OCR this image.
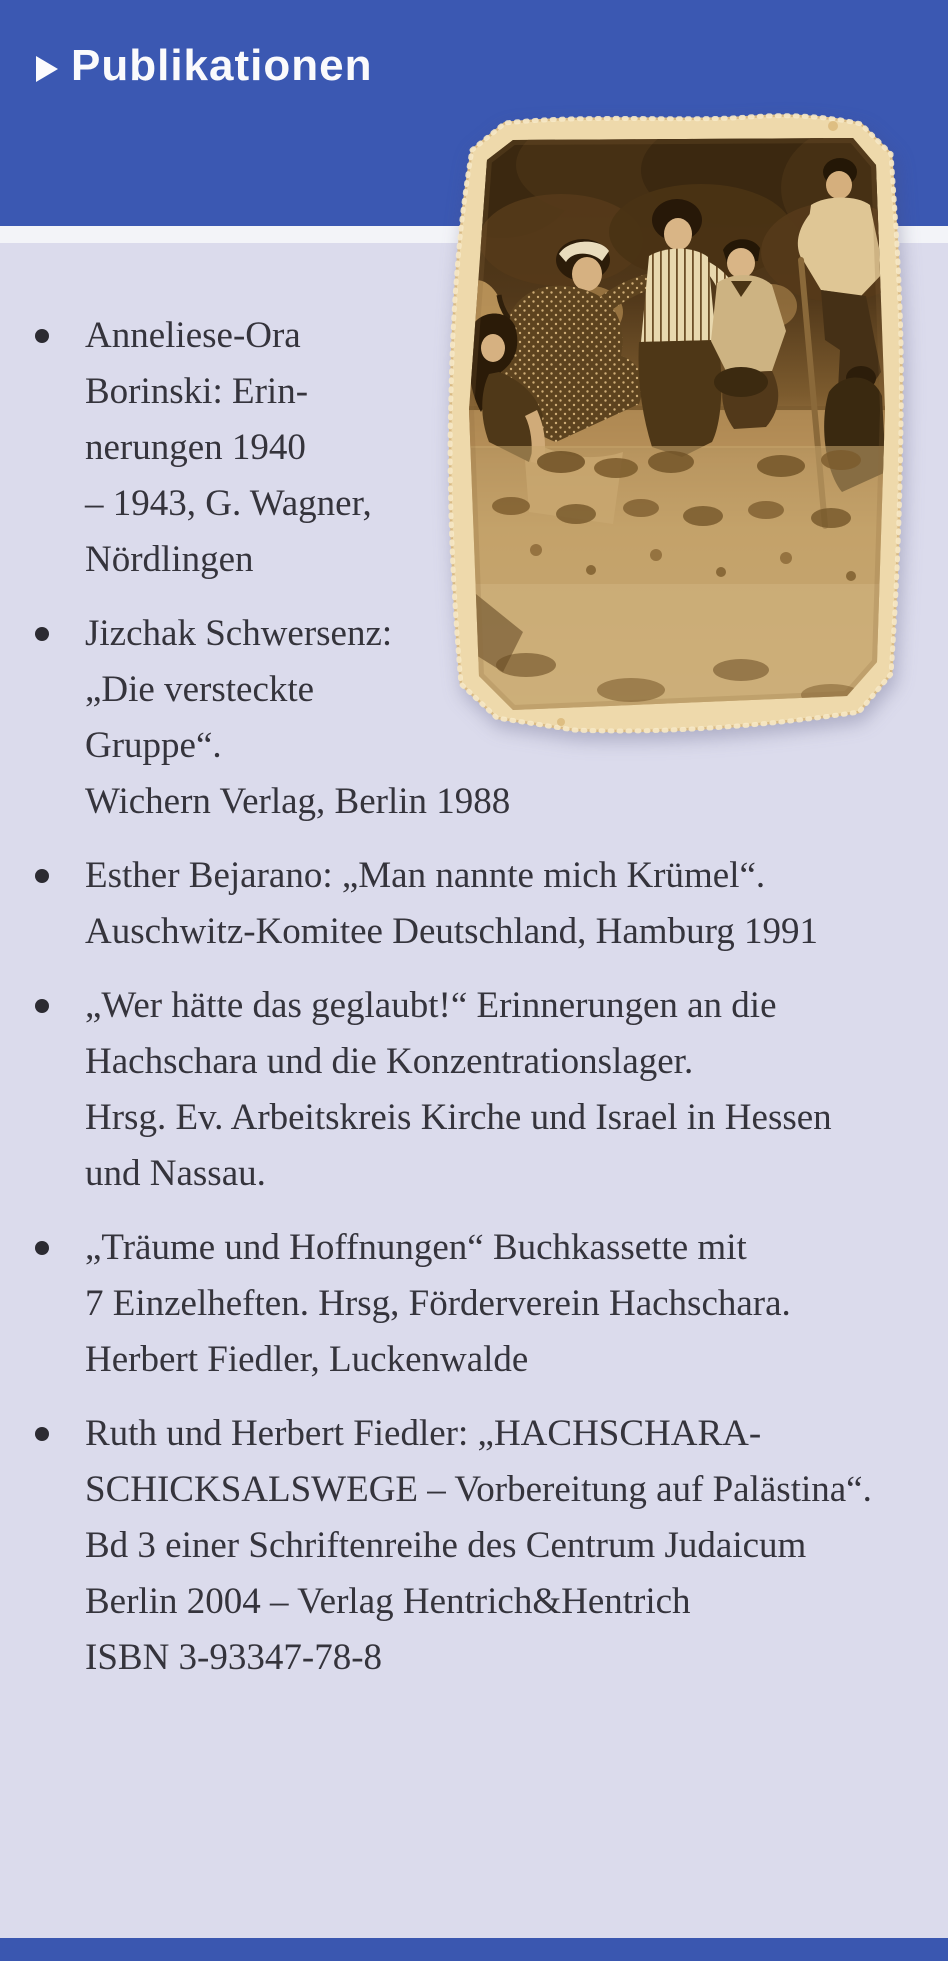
Publikationen
Anneliese-Ora
Borinski: Erin-
nerungen 1940
– 1943, G. Wagner,
Nördlingen
Jizchak Schwersenz:
„Die versteckte
Gruppe“.
Wichern Verlag, Berlin 1988
Esther Bejarano: „Man nannte mich Krümel“.
Auschwitz-Komitee Deutschland, Hamburg 1991
„Wer hätte das geglaubt!“ Erinnerungen an die
Hachschara und die Konzentrationslager.
Hrsg. Ev. Arbeitskreis Kirche und Israel in Hessen
und Nassau.
„Träume und Hoffnungen“ Buchkassette mit
7 Einzelheften. Hrsg, Förderverein Hachschara.
Herbert Fiedler, Luckenwalde
Ruth und Herbert Fiedler: „HACHSCHARA-
SCHICKSALSWEGE – Vorbereitung auf Palästina“.
Bd 3 einer Schriftenreihe des Centrum Judaicum
Berlin 2004 – Verlag Hentrich&Hentrich
ISBN 3-93347-78-8
